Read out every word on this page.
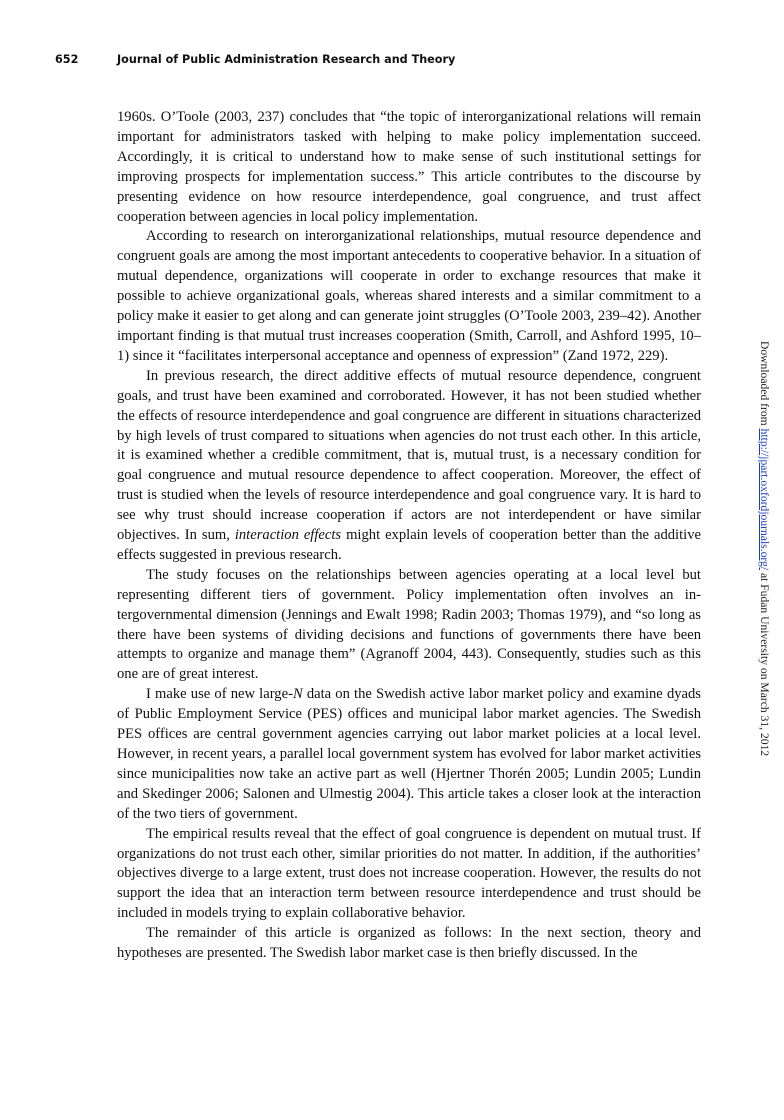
652	Journal of Public Administration Research and Theory

1960s. O’Toole (2003, 237) concludes that “the topic of interorganizational relations will remain important for administrators tasked with helping to make policy implementation succeed. Accordingly, it is critical to understand how to make sense of such institutional settings for improving prospects for implementation success.” This article contributes to the discourse by presenting evidence on how resource interdependence, goal congruence, and trust affect cooperation between agencies in local policy implementation.

According to research on interorganizational relationships, mutual resource dependence and congruent goals are among the most important antecedents to cooperative behavior. In a situation of mutual dependence, organizations will cooperate in order to exchange resources that make it possible to achieve organizational goals, whereas shared interests and a similar commitment to a policy make it easier to get along and can generate joint struggles (O’Toole 2003, 239–42). Another important finding is that mutual trust increases cooperation (Smith, Carroll, and Ashford 1995, 10–1) since it “facilitates interpersonal acceptance and openness of expression” (Zand 1972, 229).

In previous research, the direct additive effects of mutual resource dependence, congruent goals, and trust have been examined and corroborated. However, it has not been studied whether the effects of resource interdependence and goal congruence are different in situations characterized by high levels of trust compared to situations when agencies do not trust each other. In this article, it is examined whether a credible commitment, that is, mutual trust, is a necessary condition for goal congruence and mutual resource dependence to affect cooperation. Moreover, the effect of trust is studied when the levels of resource interdependence and goal congruence vary. It is hard to see why trust should increase cooperation if actors are not interdependent or have similar objectives. In sum, interaction effects might explain levels of cooperation better than the additive effects suggested in previous research.

The study focuses on the relationships between agencies operating at a local level but representing different tiers of government. Policy implementation often involves an intergovernmental dimension (Jennings and Ewalt 1998; Radin 2003; Thomas 1979), and “so long as there have been systems of dividing decisions and functions of governments there have been attempts to organize and manage them” (Agranoff 2004, 443). Consequently, studies such as this one are of great interest.

I make use of new large-N data on the Swedish active labor market policy and examine dyads of Public Employment Service (PES) offices and municipal labor market agencies. The Swedish PES offices are central government agencies carrying out labor market policies at a local level. However, in recent years, a parallel local government system has evolved for labor market activities since municipalities now take an active part as well (Hjertner Thorén 2005; Lundin 2005; Lundin and Skedinger 2006; Salonen and Ulmestig 2004). This article takes a closer look at the interaction of the two tiers of government.

The empirical results reveal that the effect of goal congruence is dependent on mutual trust. If organizations do not trust each other, similar priorities do not matter. In addition, if the authorities’ objectives diverge to a large extent, trust does not increase cooperation. However, the results do not support the idea that an interaction term between resource interdependence and trust should be included in models trying to explain collaborative behavior.

The remainder of this article is organized as follows: In the next section, theory and hypotheses are presented. The Swedish labor market case is then briefly discussed. In the

Downloaded from http://jpart.oxfordjournals.org/ at Fudan University on March 31, 2012
